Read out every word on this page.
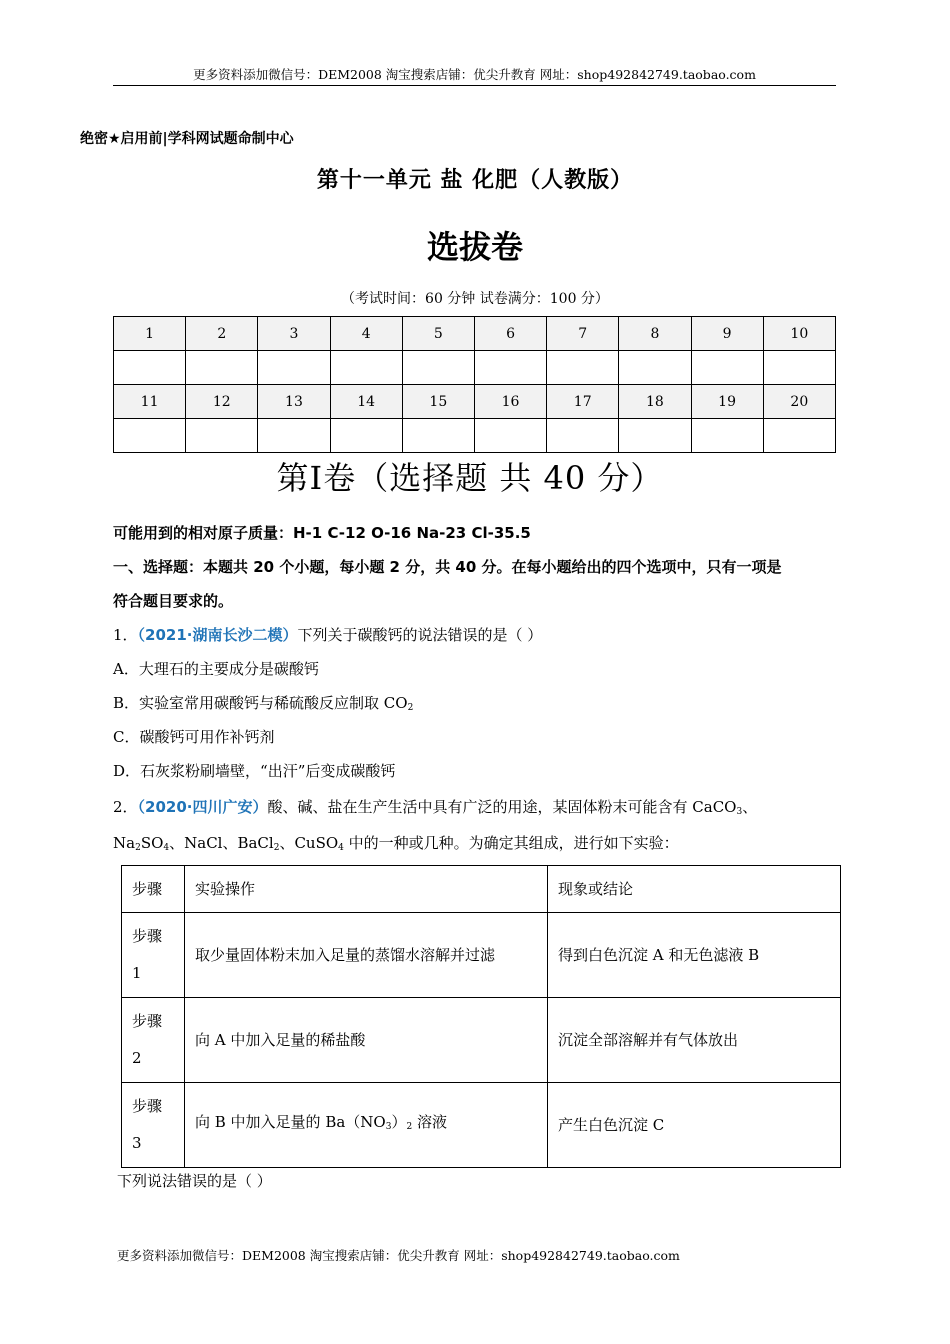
更多资料添加微信号：DEM2008 淘宝搜索店铺：优尖升教育 网址：shop492842749.taobao.com
绝密★启用前|学科网试题命制中心
第十一单元 盐 化肥（人教版）
选拔卷
（考试时间：60 分钟 试卷满分：100 分）
1	2	3	4	5	6	7	8	9	10

11	12	13	14	15	16	17	18	19	20

第Ⅰ卷（选择题 共 40 分）
可能用到的相对原子质量：H-1 C-12 O-16 Na-23 Cl-35.5
一、选择题：本题共 20 个小题，每小题 2 分，共 40 分。在每小题给出的四个选项中，只有一项是
符合题目要求的。
1．（2021·湖南长沙二模）下列关于碳酸钙的说法错误的是（ ）
A．大理石的主要成分是碳酸钙
B．实验室常用碳酸钙与稀硫酸反应制取 $CO_2$
C．碳酸钙可用作补钙剂
D．石灰浆粉刷墙壁，“出汗”后变成碳酸钙
2．（2020·四川广安）酸、碱、盐在生产生活中具有广泛的用途，某固体粉末可能含有 CaCO$_3$、
$Na_2SO_4$、NaCl、BaCl$_2$、CuSO$_4$ 中的一种或几种。为确定其组成，进行如下实验：
步骤	实验操作	现象或结论

步骤
1	取少量固体粉末加入足量的蒸馏水溶解并过滤	得到白色沉淀 A 和无色滤液 B

步骤
2	向 A 中加入足量的稀盐酸	沉淀全部溶解并有气体放出

步骤
3	向 B 中加入足量的 $Ba(NO_3)_2$ 溶液	产生白色沉淀 C
下列说法错误的是（ ）
更多资料添加微信号：DEM2008 淘宝搜索店铺：优尖升教育 网址：shop492842749.taobao.com
